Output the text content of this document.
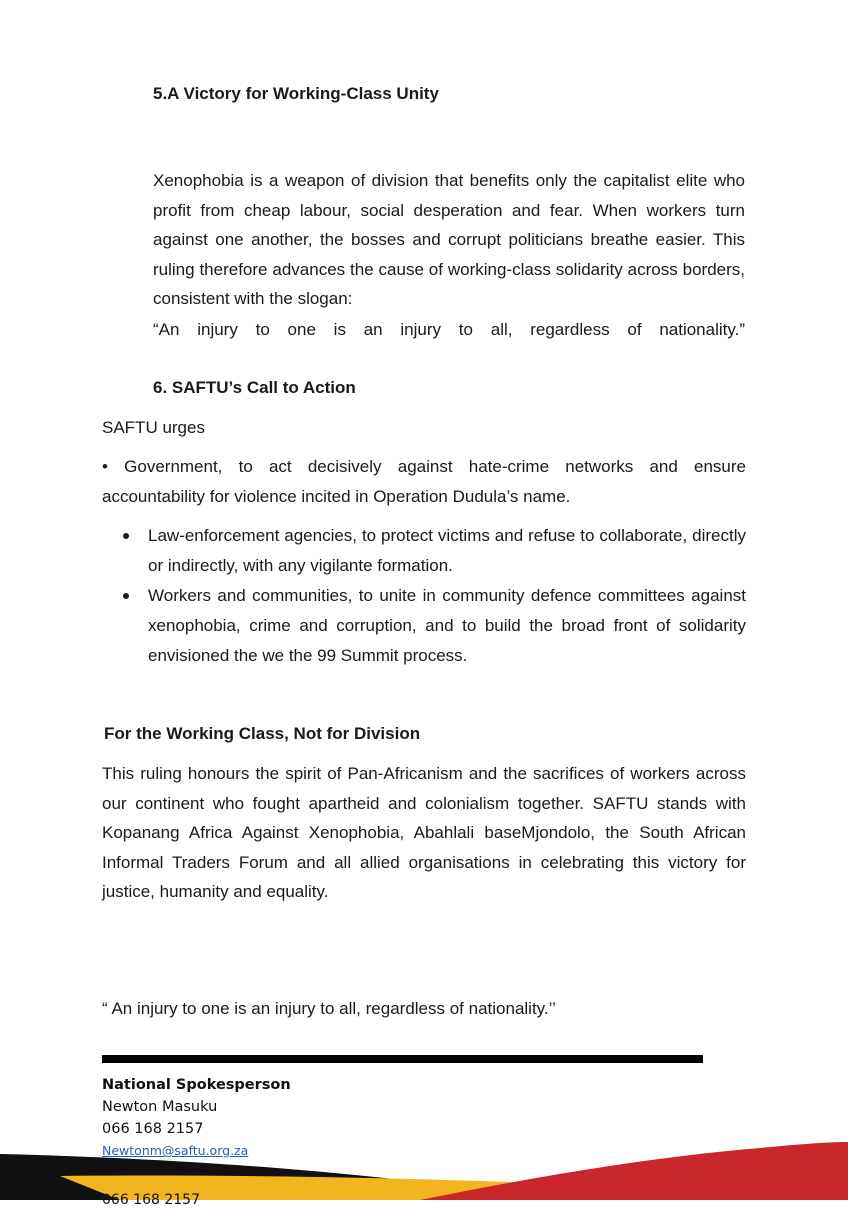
5.A Victory for Working-Class Unity
Xenophobia is a weapon of division that benefits only the capitalist elite who profit from cheap labour, social desperation and fear. When workers turn against one another, the bosses and corrupt politicians breathe easier. This ruling therefore advances the cause of working-class solidarity across borders, consistent with the slogan:
“An injury to one is an injury to all, regardless of nationality.”
6. SAFTU’s Call to Action
SAFTU urges
• Government, to act decisively against hate-crime networks and ensure accountability for violence incited in Operation Dudula’s name.
Law-enforcement agencies, to protect victims and refuse to collaborate, directly or indirectly, with any vigilante formation.
Workers and communities, to unite in community defence committees against xenophobia, crime and corruption, and to build the broad front of solidarity envisioned the we the 99 Summit process.
For the Working Class, Not for Division
This ruling honours the spirit of Pan-Africanism and the sacrifices of workers across our continent who fought apartheid and colonialism together. SAFTU stands with Kopanang Africa Against Xenophobia, Abahlali baseMjondolo, the South African Informal Traders Forum and all allied organisations in celebrating this victory for justice, humanity and equality.
“ An injury to one is an injury to all, regardless of nationality.’’
National Spokesperson
Newton Masuku
066 168 2157
Newtonm@saftu.org.za
066 168 2157
